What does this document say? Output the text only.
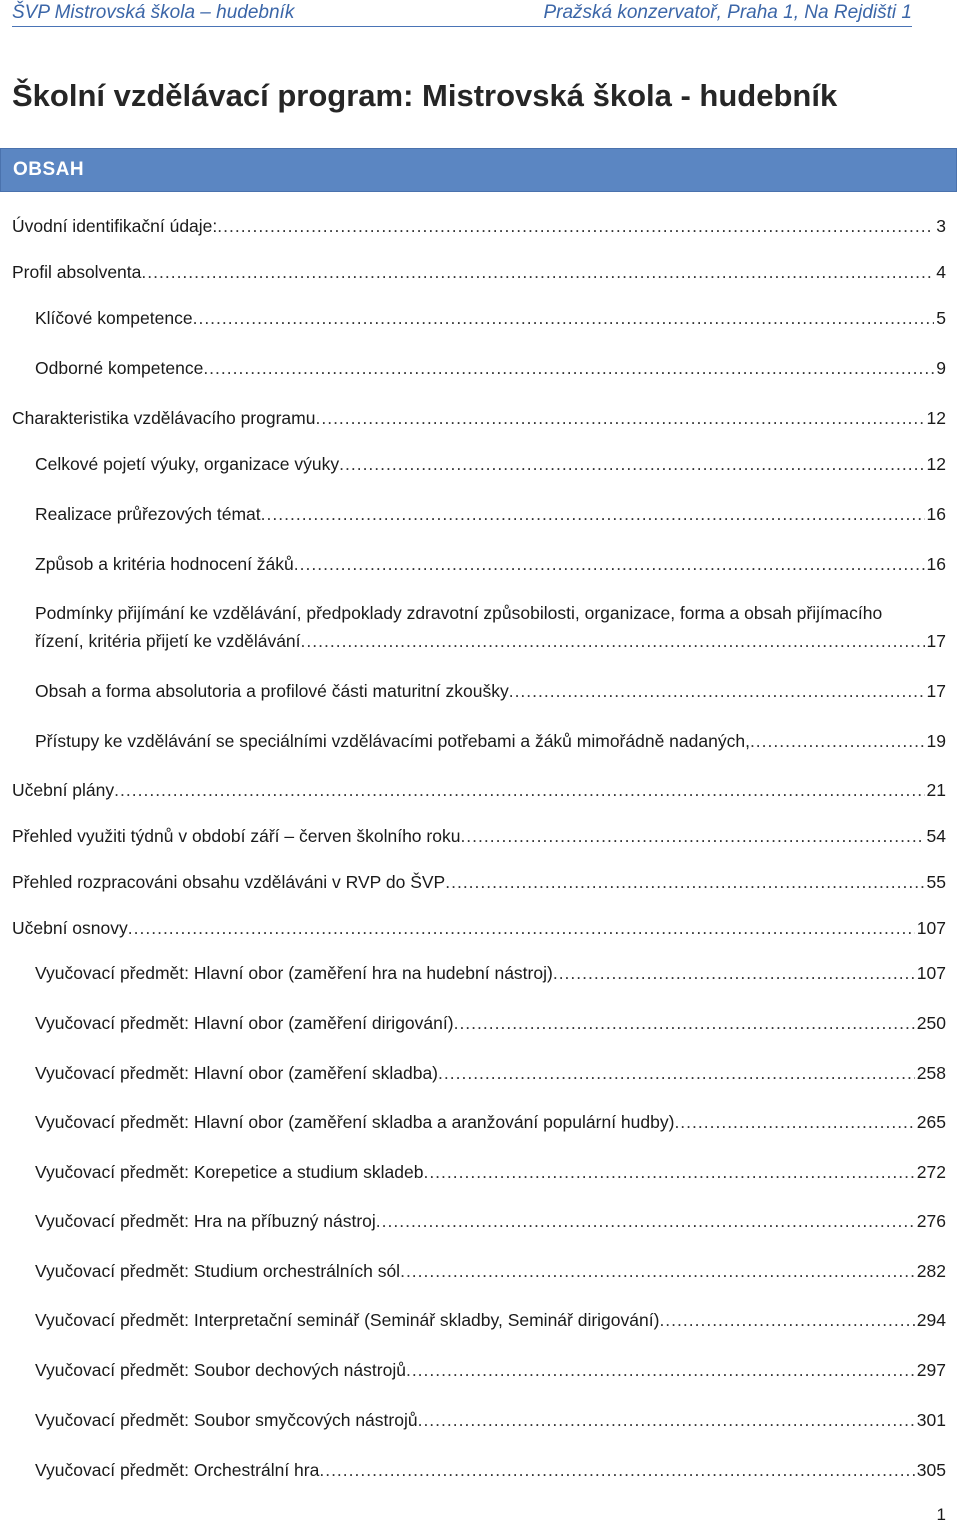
ŠVP Mistrovská škola – hudebník	Pražská konzervatoř, Praha 1, Na Rejdišti 1
Školní vzdělávací program: Mistrovská škola - hudebník
OBSAH
Úvodní identifikační údaje: .....	3
Profil absolventa .....	4
Klíčové kompetence .....	5
Odborné kompetence .....	9
Charakteristika vzdělávacího programu .....	12
Celkové pojetí výuky, organizace výuky .....	12
Realizace průřezových témat .....	16
Způsob a kritéria hodnocení žáků .....	16
Podmínky přijímání ke vzdělávání, předpoklady zdravotní způsobilosti, organizace, forma a obsah přijímacího
řízení, kritéria přijetí ke vzdělávání .....	17
Obsah a forma absolutoria a profilové části maturitní zkoušky .....	17
Přístupy ke vzdělávání se speciálními vzdělávacími potřebami a žáků mimořádně nadaných, .....	19
Učební plány .....	21
Přehled využiti týdnů v období září – červen školního roku .....	54
Přehled rozpracováni obsahu vzděláváni v RVP do ŠVP .....	55
Učební osnovy .....	107
Vyučovací předmět: Hlavní obor (zaměření hra na hudební nástroj) .....	107
Vyučovací předmět: Hlavní obor (zaměření dirigování) .....	250
Vyučovací předmět: Hlavní obor (zaměření skladba) .....	258
Vyučovací předmět: Hlavní obor (zaměření skladba a aranžování populární hudby) .....	265
Vyučovací předmět: Korepetice a studium skladeb .....	272
Vyučovací předmět: Hra na příbuzný nástroj .....	276
Vyučovací předmět: Studium orchestrálních sól .....	282
Vyučovací předmět: Interpretační seminář (Seminář skladby, Seminář dirigování) .....	294
Vyučovací předmět: Soubor dechových nástrojů .....	297
Vyučovací předmět: Soubor smyčcových nástrojů .....	301
Vyučovací předmět: Orchestrální hra .....	305
1
